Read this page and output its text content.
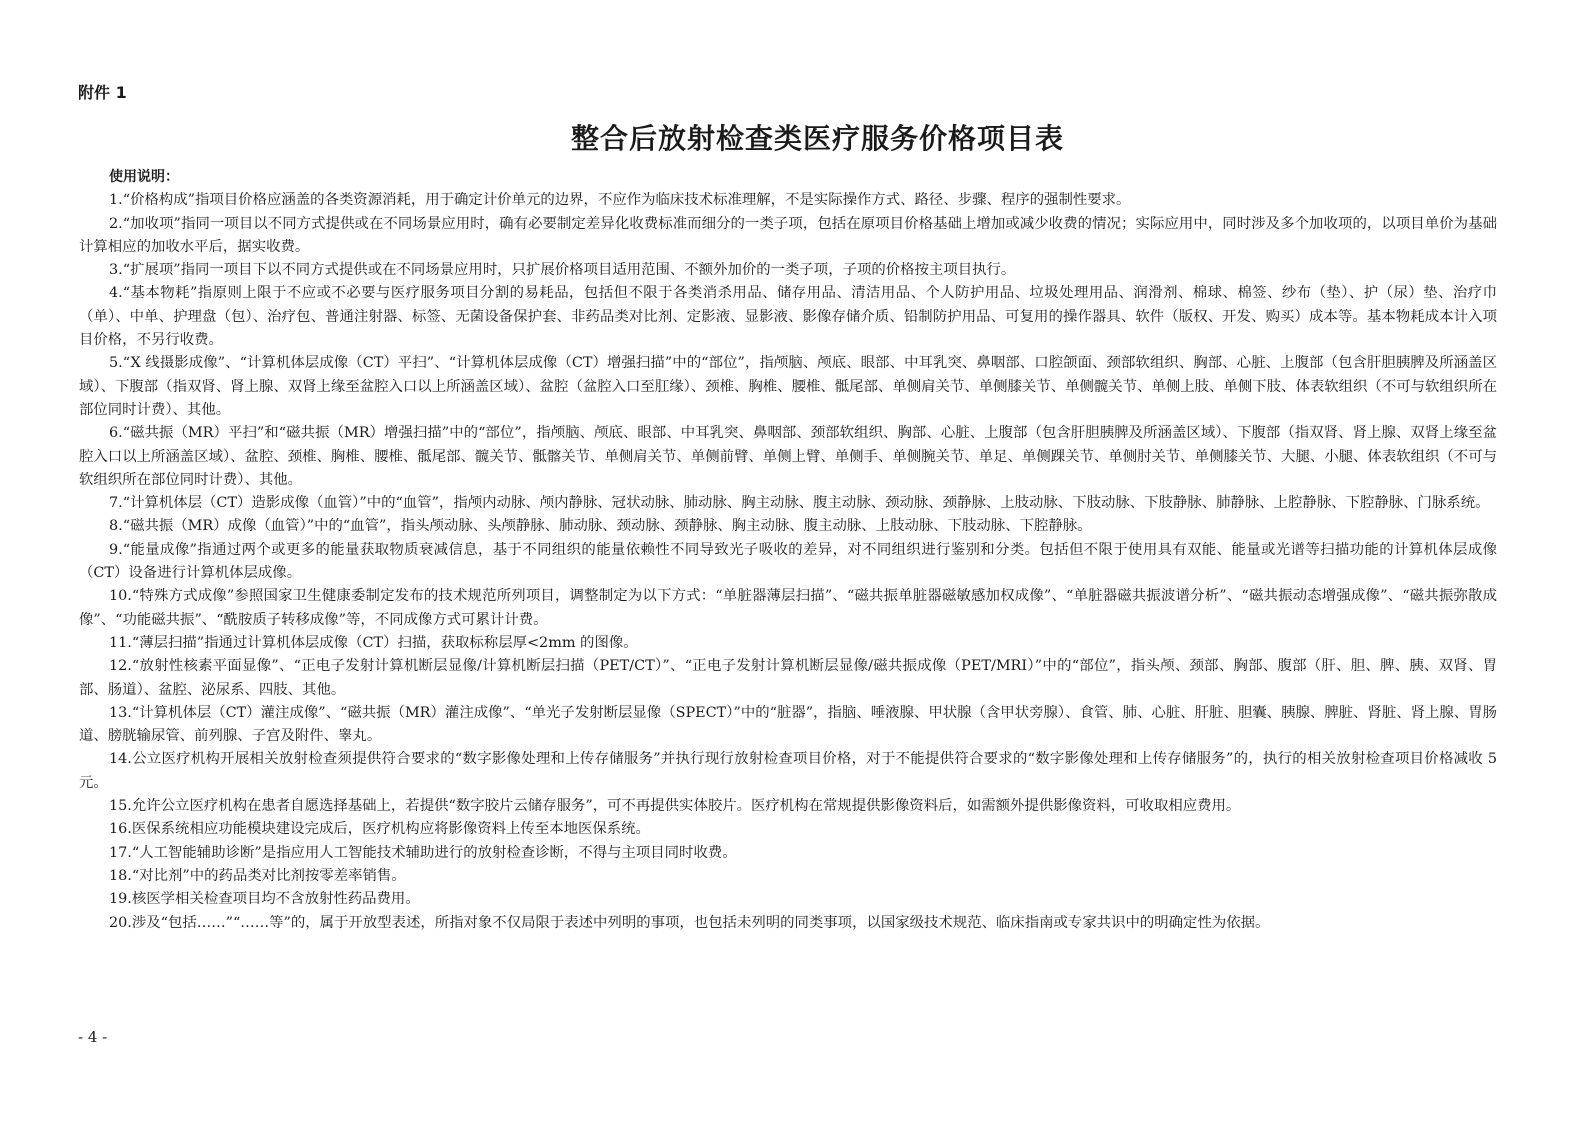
附件 1
整合后放射检查类医疗服务价格项目表

使用说明：

1.“价格构成”指项目价格应涵盖的各类资源消耗，用于确定计价单元的边界，不应作为临床技术标准理解，不是实际操作方式、路径、步骤、程序的强制性要求。
2.“加收项”指同一项目以不同方式提供或在不同场景应用时，确有必要制定差异化收费标准而细分的一类子项，包括在原项目价格基础上增加或减少收费的情况；实际应用中，同时涉及多个加收项的，以项目单价为基础计算相应的加收水平后，据实收费。
3.“扩展项”指同一项目下以不同方式提供或在不同场景应用时，只扩展价格项目适用范围、不额外加价的一类子项，子项的价格按主项目执行。
4.“基本物耗”指原则上限于不应或不必要与医疗服务项目分割的易耗品，包括但不限于各类消杀用品、储存用品、清洁用品、个人防护用品、垃圾处理用品、润滑剂、棉球、棉签、纱布（垫）、护（尿）垫、治疗巾（单）、中单、护理盘（包）、治疗包、普通注射器、标签、无菌设备保护套、非药品类对比剂、定影液、显影液、影像存储介质、铅制防护用品、可复用的操作器具、软件（版权、开发、购买）成本等。基本物耗成本计入项目价格，不另行收费。
5.“X 线摄影成像”、“计算机体层成像（CT）平扫”、“计算机体层成像（CT）增强扫描”中的“部位”，指颅脑、颅底、眼部、中耳乳突、鼻咽部、口腔颌面、颈部软组织、胸部、心脏、上腹部（包含肝胆胰脾及所涵盖区域）、下腹部（指双肾、肾上腺、双肾上缘至盆腔入口以上所涵盖区域）、盆腔（盆腔入口至肛缘）、颈椎、胸椎、腰椎、骶尾部、单侧肩关节、单侧膝关节、单侧髋关节、单侧上肢、单侧下肢、体表软组织（不可与软组织所在部位同时计费）、其他。
6.“磁共振（MR）平扫”和“磁共振（MR）增强扫描”中的“部位”，指颅脑、颅底、眼部、中耳乳突、鼻咽部、颈部软组织、胸部、心脏、上腹部（包含肝胆胰脾及所涵盖区域）、下腹部（指双肾、肾上腺、双肾上缘至盆腔入口以上所涵盖区域）、盆腔、颈椎、胸椎、腰椎、骶尾部、髋关节、骶髂关节、单侧肩关节、单侧前臂、单侧上臂、单侧手、单侧腕关节、单足、单侧踝关节、单侧肘关节、单侧膝关节、大腿、小腿、体表软组织（不可与软组织所在部位同时计费）、其他。
7.“计算机体层（CT）造影成像（血管）”中的“血管”，指颅内动脉、颅内静脉、冠状动脉、肺动脉、胸主动脉、腹主动脉、颈动脉、颈静脉、上肢动脉、下肢动脉、下肢静脉、肺静脉、上腔静脉、下腔静脉、门脉系统。
8.“磁共振（MR）成像（血管）”中的“血管”，指头颅动脉、头颅静脉、肺动脉、颈动脉、颈静脉、胸主动脉、腹主动脉、上肢动脉、下肢动脉、下腔静脉。
9.“能量成像”指通过两个或更多的能量获取物质衰减信息，基于不同组织的能量依赖性不同导致光子吸收的差异，对不同组织进行鉴别和分类。包括但不限于使用具有双能、能量或光谱等扫描功能的计算机体层成像（CT）设备进行计算机体层成像。
10.“特殊方式成像”参照国家卫生健康委制定发布的技术规范所列项目，调整制定为以下方式：“单脏器薄层扫描”、“磁共振单脏器磁敏感加权成像”、“单脏器磁共振波谱分析”、“磁共振动态增强成像”、“磁共振弥散成像”、“功能磁共振”、“酰胺质子转移成像”等，不同成像方式可累计计费。
11.“薄层扫描”指通过计算机体层成像（CT）扫描，获取标称层厚<2mm 的图像。
12.“放射性核素平面显像”、“正电子发射计算机断层显像/计算机断层扫描（PET/CT）”、“正电子发射计算机断层显像/磁共振成像（PET/MRI）”中的“部位”，指头颅、颈部、胸部、腹部（肝、胆、脾、胰、双肾、胃部、肠道）、盆腔、泌尿系、四肢、其他。
13.“计算机体层（CT）灌注成像”、“磁共振（MR）灌注成像”、“单光子发射断层显像（SPECT）”中的“脏器”，指脑、唾液腺、甲状腺（含甲状旁腺）、食管、肺、心脏、肝脏、胆囊、胰腺、脾脏、肾脏、肾上腺、胃肠道、膀胱输尿管、前列腺、子宫及附件、睾丸。
14.公立医疗机构开展相关放射检查须提供符合要求的“数字影像处理和上传存储服务”并执行现行放射检查项目价格，对于不能提供符合要求的“数字影像处理和上传存储服务”的，执行的相关放射检查项目价格减收 5 元。
15.允许公立医疗机构在患者自愿选择基础上，若提供“数字胶片云储存服务”，可不再提供实体胶片。医疗机构在常规提供影像资料后，如需额外提供影像资料，可收取相应费用。
16.医保系统相应功能模块建设完成后，医疗机构应将影像资料上传至本地医保系统。
17.“人工智能辅助诊断”是指应用人工智能技术辅助进行的放射检查诊断，不得与主项目同时收费。
18.“对比剂”中的药品类对比剂按零差率销售。
19.核医学相关检查项目均不含放射性药品费用。
20.涉及“包括……”“……等”的，属于开放型表述，所指对象不仅局限于表述中列明的事项，也包括未列明的同类事项，以国家级技术规范、临床指南或专家共识中的明确定性为依据。
- 4 -
